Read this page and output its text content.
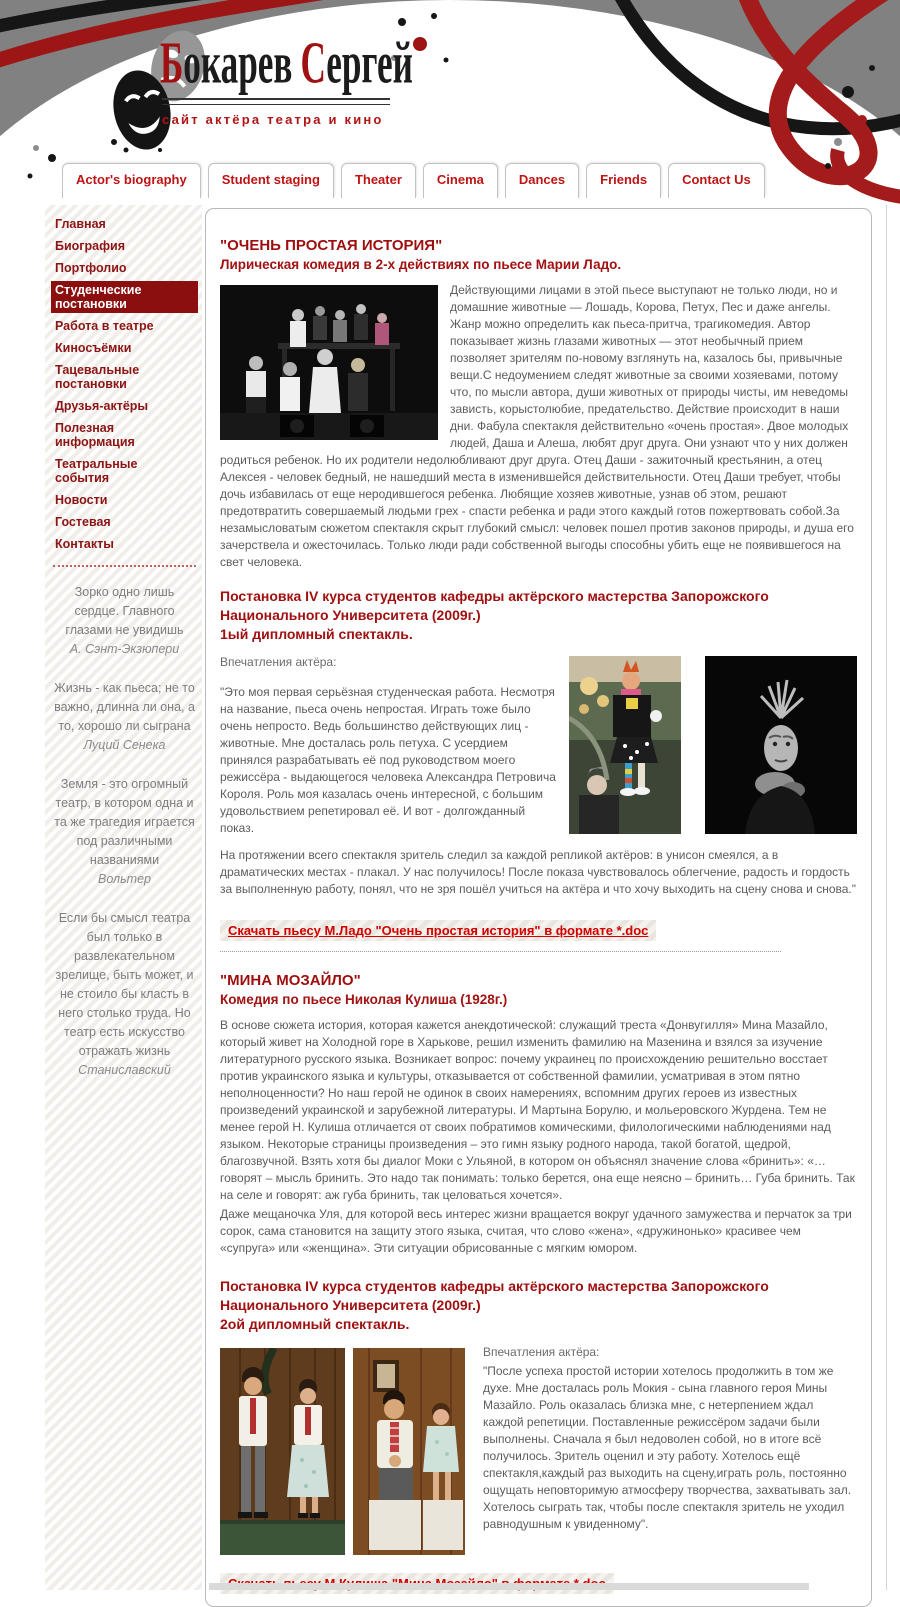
Бокарев Сергей
сайт актёра театра и кино
Actor's biography	Student staging	Theater	Cinema	Dances	Friends	Contact Us
Главная
Биография
Портфолио
Студенческие постановки
Работа в театре
Киносъёмки
Тацевальные постановки
Друзья-актёры
Полезная информация
Театральные события
Новости
Гостевая
Контакты
Зорко одно лишь сердце. Главного глазами не увидишь
А. Сэнт-Экзюпери
Жизнь - как пьеса; не то важно, длинна ли она, а то, хорошо ли сыграна
Луций Сенека
Земля - это огромный театр, в котором одна и та же трагедия играется под различными названиями
Вольтер
Если бы смысл театра был только в развлекательном зрелище, быть может, и не стоило бы класть в него столько труда. Но театр есть искусство отражать жизнь
Станиславский
"ОЧЕНЬ ПРОСТАЯ ИСТОРИЯ"
Лирическая комедия в 2-х действиях по пьесе Марии Ладо.
Действующими лицами в этой пьесе выступают не только люди, но и домашние животные — Лошадь, Корова, Петух, Пес и даже ангелы. Жанр можно определить как пьеса-притча, трагикомедия. Автор показывает жизнь глазами животных — этот необычный прием позволяет зрителям по-новому взглянуть на, казалось бы, привычные вещи.С недоумением следят животные за своими хозяевами, потому что, по мысли автора, души животных от природы чисты, им неведомы зависть, корыстолюбие, предательство. Действие происходит в наши дни. Фабула спектакля действительно «очень простая». Двое молодых людей, Даша и Алеша, любят друг друга. Они узнают что у них должен родиться ребенок. Но их родители недолюбливают друг друга. Отец Даши - зажиточный крестьянин, а отец Алексея - человек бедный, не нашедший места в изменившейся действительности. Отец Даши требует, чтобы дочь избавилась от еще неродившегося ребенка. Любящие хозяев животные, узнав об этом, решают предотвратить совершаемый людьми грех - спасти ребенка и ради этого каждый готов пожертвовать собой.За незамысловатым сюжетом спектакля скрыт глубокий смысл: человек пошел против законов природы, и душа его зачерствела и ожесточилась. Только люди ради собственной выгоды способны убить еще не появившегося на свет человека.
Постановка IV курса студентов кафедры актёрского мастерства Запорожского Национального Университета (2009г.)
1ый дипломный спектакль.
Впечатления актёра:

"Это моя первая серьёзная студенческая работа. Несмотря на название, пьеса очень непростая. Играть тоже было очень непросто. Ведь большинство действующих лиц - животные. Мне досталась роль петуха. С усердием принялся разрабатывать её под руководством моего режиссёра - выдающегося человека Александра Петровича Короля. Роль моя казалась очень интересной, с большим удовольствием репетировал её. И вот - долгожданный показ.

На протяжении всего спектакля зритель следил за каждой репликой актёров: в унисон смеялся, а в драматических местах - плакал. У нас получилось! После показа чувствовалось облегчение, радость и гордость за выполненную работу, понял, что не зря пошёл учиться на актёра и что хочу выходить на сцену снова и снова."

Скачать пьесу М.Ладо "Очень простая история" в формате *.doc
"МИНА МОЗАЙЛО"
Комедия по пьесе Николая Кулиша (1928г.)

В основе сюжета история, которая кажется анекдотической: служащий треста «Донвугилля» Мина Мазайло, который живет на Холодной горе в Харькове, решил изменить фамилию на Мазенина и взялся за изучение литературного русского языка. Возникает вопрос: почему украинец по происхождению решительно восстает против украинского языка и культуры, отказывается от собственной фамилии, усматривая в этом пятно неполноценности? Но наш герой не одинок в своих намерениях, вспомним других героев из известных произведений украинской и зарубежной литературы. И Мартына Борулю, и мольеровского Журдена. Тем не менее герой Н. Кулиша отличается от своих побратимов комическими, филологическими наблюдениями над языком. Некоторые страницы произведения – это гимн языку родного народа, такой богатой, щедрой, благозвучной. Взять хотя бы диалог Моки с Ульяной, в котором он объяснял значение слова «бринить»: «…говорят – мысль бринить. Это надо так понимать: только берется, она еще неясно – бринить… Губа бринить. Так на селе и говорят: аж губа бринить, так целоваться хочется».

Даже мещаночка Уля, для которой весь интерес жизни вращается вокруг удачного замужества и перчаток за три сорок, сама становится на защиту этого языка, считая, что слово «жена», «дружинонько» красивее чем «супруга» или «женщина». Эти ситуации обрисованные с мягким юмором.

Постановка IV курса студентов кафедры актёрского мастерства Запорожского Национального Университета (2009г.)
2ой дипломный спектакль.
Впечатления актёра:

"После успеха простой истории хотелось продолжить в том же духе. Мне досталась роль Мокия - сына главного героя Мины Мазайло. Роль оказалась близка мне, с нетерпением ждал каждой репетиции. Поставленные режиссёром задачи были выполнены. Сначала я был недоволен собой, но в итоге всё получилось. Зритель оценил и эту работу. Хотелось ещё спектакля,каждый раз выходить на сцену,играть роль, постоянно ощущать неповторимую атмосферу творчества, захватывать зал. Хотелось сыграть так, чтобы после спектакля зритель не уходил равнодушным к увиденному".
